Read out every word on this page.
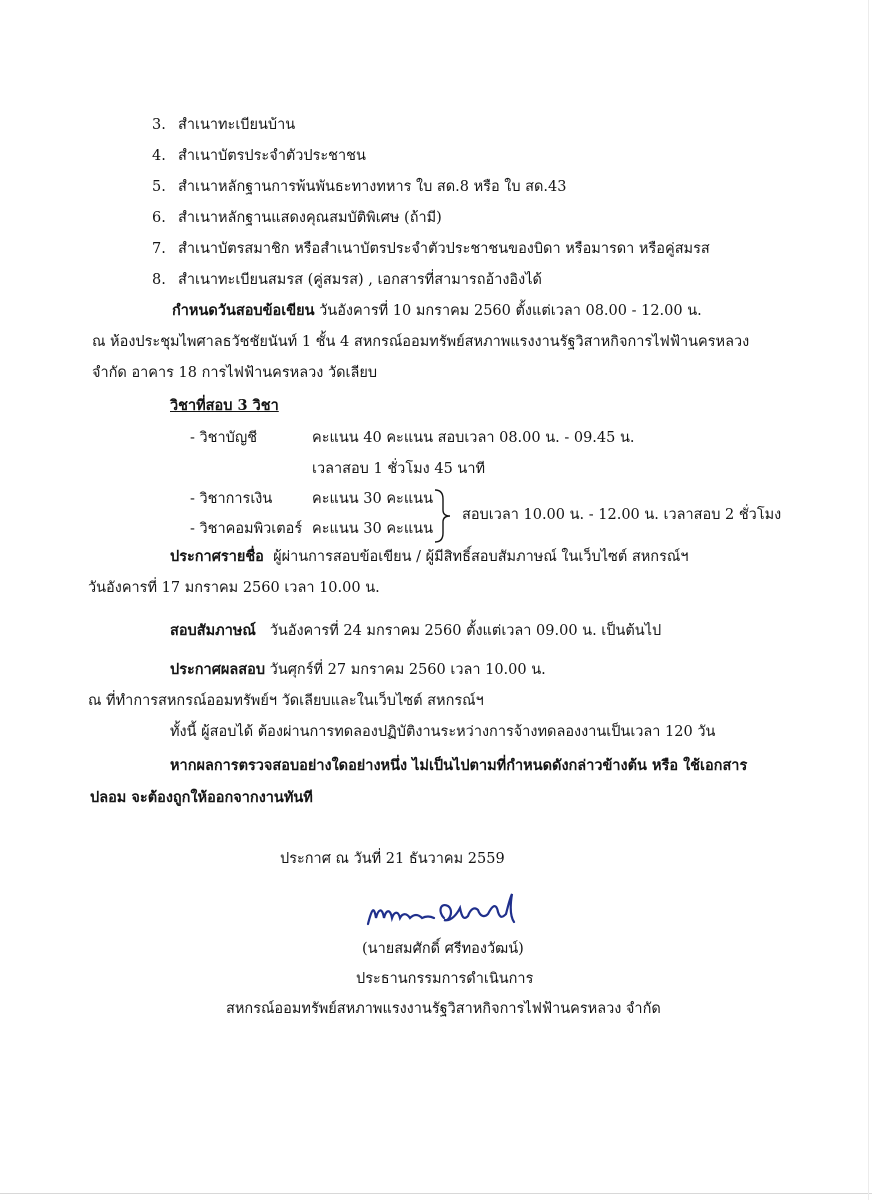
3. สำเนาทะเบียนบ้าน
4. สำเนาบัตรประจำตัวประชาชน
5. สำเนาหลักฐานการพ้นพันธะทางทหาร ใบ สด.8 หรือ ใบ สด.43
6. สำเนาหลักฐานแสดงคุณสมบัติพิเศษ (ถ้ามี)
7. สำเนาบัตรสมาชิก หรือสำเนาบัตรประจำตัวประชาชนของบิดา หรือมารดา หรือคู่สมรส
8. สำเนาทะเบียนสมรส (คู่สมรส) , เอกสารที่สามารถอ้างอิงได้
กำหนดวันสอบข้อเขียน วันอังคารที่ 10 มกราคม 2560 ตั้งแต่เวลา 08.00 - 12.00 น.
ณ ห้องประชุมไพศาลธวัชชัยนันท์ 1 ชั้น 4 สหกรณ์ออมทรัพย์สหภาพแรงงานรัฐวิสาหกิจการไฟฟ้านครหลวง
จำกัด อาคาร 18 การไฟฟ้านครหลวง วัดเลียบ
วิชาที่สอบ 3 วิชา
- วิชาบัญชี	คะแนน 40 คะแนน สอบเวลา 08.00 น. - 09.45 น.
เวลาสอบ 1 ชั่วโมง 45 นาที
- วิชาการเงิน	คะแนน 30 คะแนน
- วิชาคอมพิวเตอร์ คะแนน 30 คะแนน
สอบเวลา 10.00 น. - 12.00 น. เวลาสอบ 2 ชั่วโมง
ประกาศรายชื่อ ผู้ผ่านการสอบข้อเขียน / ผู้มีสิทธิ์สอบสัมภาษณ์ ในเว็บไซต์ สหกรณ์ฯ
วันอังคารที่ 17 มกราคม 2560 เวลา 10.00 น.
สอบสัมภาษณ์ วันอังคารที่ 24 มกราคม 2560 ตั้งแต่เวลา 09.00 น. เป็นต้นไป
ประกาศผลสอบ วันศุกร์ที่ 27 มกราคม 2560 เวลา 10.00 น.
ณ ที่ทำการสหกรณ์ออมทรัพย์ฯ วัดเลียบและในเว็บไซต์ สหกรณ์ฯ
ทั้งนี้ ผู้สอบได้ ต้องผ่านการทดลองปฏิบัติงานระหว่างการจ้างทดลองงานเป็นเวลา 120 วัน
หากผลการตรวจสอบอย่างใดอย่างหนึ่ง ไม่เป็นไปตามที่กำหนดดังกล่าวข้างต้น หรือ ใช้เอกสาร
ปลอม จะต้องถูกให้ออกจากงานทันที
ประกาศ ณ วันที่ 21 ธันวาคม 2559
(นายสมศักดิ์ ศรีทองวัฒน์)
ประธานกรรมการดำเนินการ
สหกรณ์ออมทรัพย์สหภาพแรงงานรัฐวิสาหกิจการไฟฟ้านครหลวง จำกัด
